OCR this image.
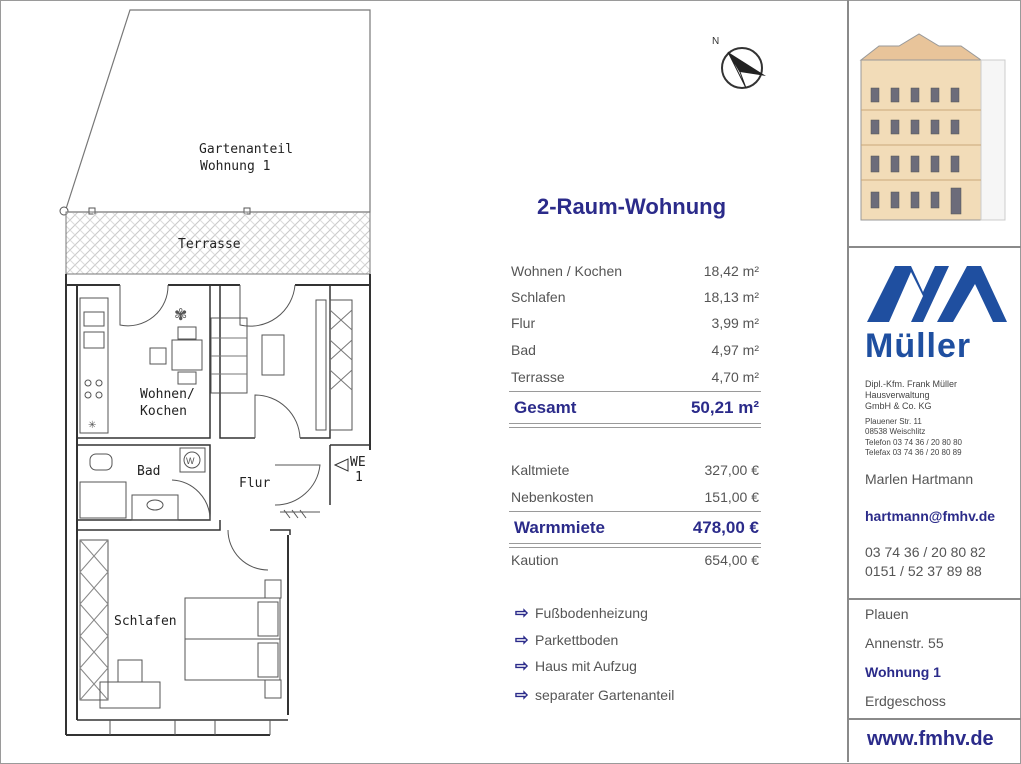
✳
✾
W
Gartenanteil
Wohnung 1
Terrasse
Wohnen/
Kochen
Bad
Flur
Schlafen
WE
1
N
2-Raum-Wohnung
Wohnen / Kochen	18,42 m²
Schlafen	18,13 m²
Flur	3,99 m²
Bad	4,97 m²
Terrasse	4,70 m²
Gesamt	50,21 m²
Kaltmiete	327,00 €
Nebenkosten	151,00 €
Warmmiete	478,00 €
Kaution	654,00 €
⇨ Fußbodenheizung
⇨ Parkettboden
⇨ Haus mit Aufzug
⇨ separater Gartenanteil
Müller
Dipl.-Kfm. Frank Müller
Hausverwaltung
GmbH & Co. KG
Plauener Str. 11
08538 Weischlitz
Telefon 03 74 36 / 20 80 80
Telefax 03 74 36 / 20 80 89
Marlen Hartmann
hartmann@fmhv.de
03 74 36 / 20 80 82
0151 / 52 37 89 88
Plauen
Annenstr. 55
Wohnung 1
Erdgeschoss
www.fmhv.de
